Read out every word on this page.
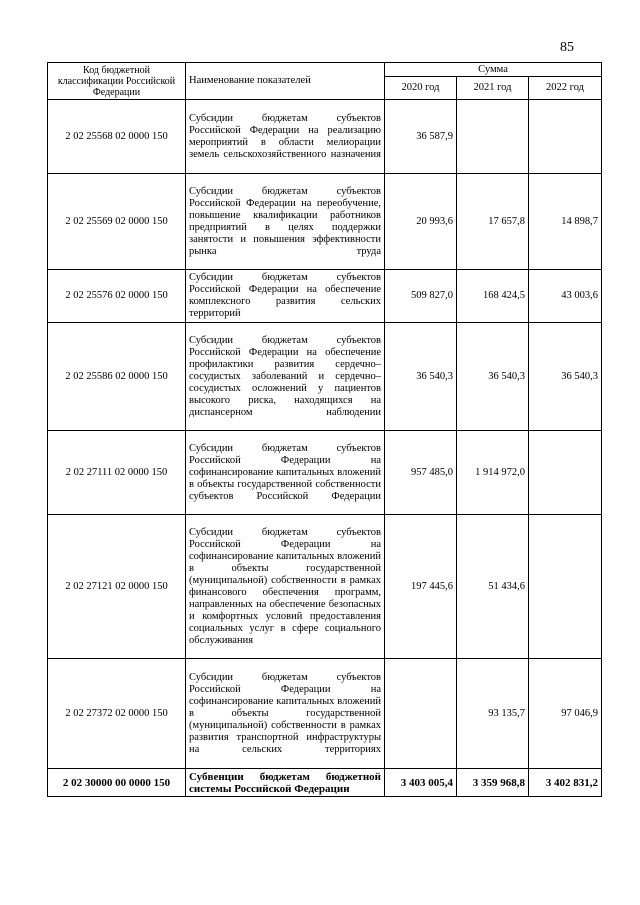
85
Код бюджетной классификации Российской Федерации	Наименование показателей	Сумма		
		2020 год	2021 год	2022 год
2 02 25568 02 0000 150	Субсидии бюджетам субъектов Российской Федерации на реализацию мероприятий в области мелиорации земель сельскохозяйственного назначения	36 587,9		
2 02 25569 02 0000 150	Субсидии бюджетам субъектов Российской Федерации на переобучение, повышение квалификации работников предприятий в целях поддержки занятости и повышения эффективности рынка труда	20 993,6	17 657,8	14 898,7
2 02 25576 02 0000 150	Субсидии бюджетам субъектов Российской Федерации на обеспечение комплексного развития сельских территорий	509 827,0	168 424,5	43 003,6
2 02 25586 02 0000 150	Субсидии бюджетам субъектов Российской Федерации на обеспечение профилактики развития сердечно–сосудистых заболеваний и сердечно–сосудистых осложнений у пациентов высокого риска, находящихся на диспансерном наблюдении	36 540,3	36 540,3	36 540,3
2 02 27111 02 0000 150	Субсидии бюджетам субъектов Российской Федерации на софинансирование капитальных вложений в объекты государственной собственности субъектов Российской Федерации	957 485,0	1 914 972,0	
2 02 27121 02 0000 150	Субсидии бюджетам субъектов Российской Федерации на софинансирование капитальных вложений в объекты государственной (муниципальной) собственности в рамках финансового обеспечения программ, направленных на обеспечение безопасных и комфортных условий предоставления социальных услуг в сфере социального обслуживания	197 445,6	51 434,6	
2 02 27372 02 0000 150	Субсидии бюджетам субъектов Российской Федерации на софинансирование капитальных вложений в объекты государственной (муниципальной) собственности в рамках развития транспортной инфраструктуры на сельских территориях		93 135,7	97 046,9
2 02 30000 00 0000 150	Субвенции бюджетам бюджетной системы Российской Федерации	3 403 005,4	3 359 968,8	3 402 831,2
